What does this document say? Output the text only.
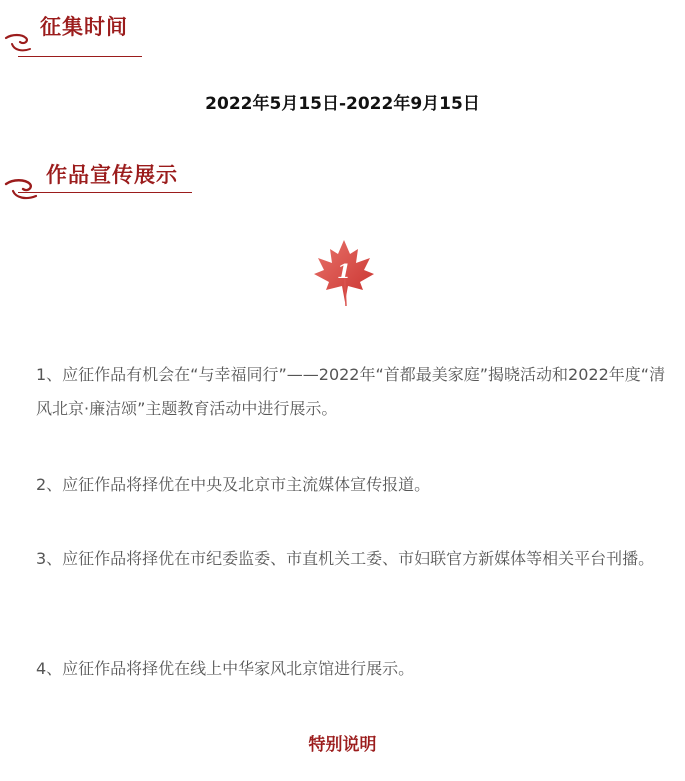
征集时间
2022年5月15日-2022年9月15日
作品宣传展示
1
1、应征作品有机会在“与幸福同行”——2022年“首都最美家庭”揭晓活动和2022年度“清风北京·廉洁颂”主题教育活动中进行展示。
2、应征作品将择优在中央及北京市主流媒体宣传报道。
3、应征作品将择优在市纪委监委、市直机关工委、市妇联官方新媒体等相关平台刊播。
4、应征作品将择优在线上中华家风北京馆进行展示。
特别说明
